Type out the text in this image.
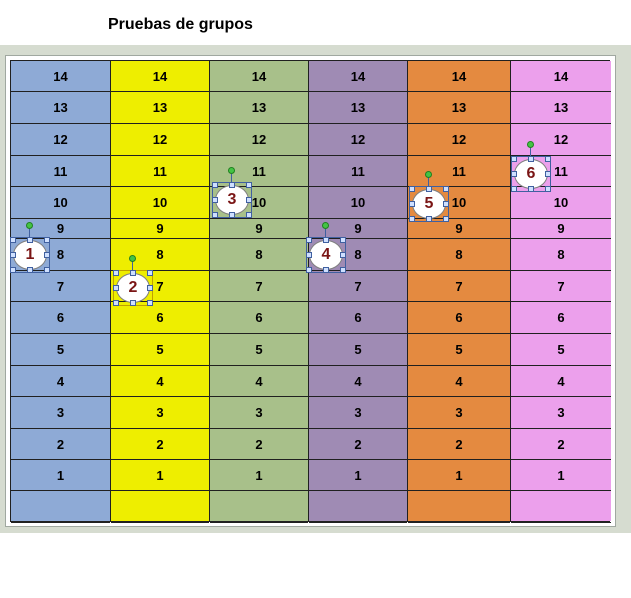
Pruebas de grupos
14
13
12
11
10
9
8
7
6
5
4
3
2
1
14
13
12
11
10
9
8
7
6
5
4
3
2
1
14
13
12
11
10
9
8
7
6
5
4
3
2
1
14
13
12
11
10
9
8
7
6
5
4
3
2
1
14
13
12
11
10
9
8
7
6
5
4
3
2
1
14
13
12
11
10
9
8
7
6
5
4
3
2
1
1
2
3
4
5
6
